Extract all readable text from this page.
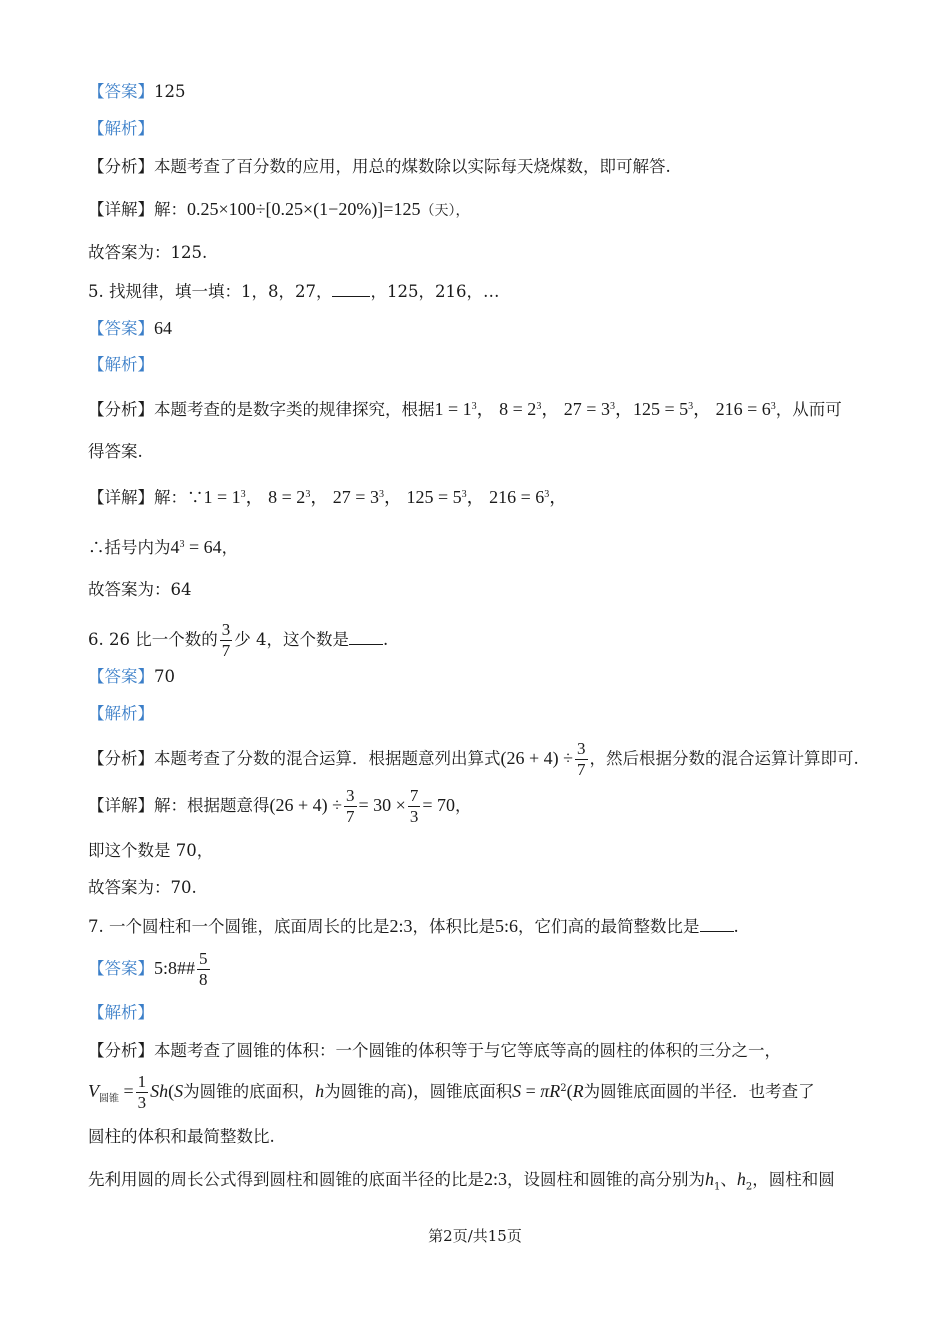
【答案】125
【解析】
【分析】本题考查了百分数的应用，用总的煤数除以实际每天烧煤数，即可解答.
【详解】解：0.25×100÷[0.25×(1−20%)]=125（天），
故答案为：125.
5. 找规律，填一填：1，8，27， ，125，216，…
【答案】64
【解析】
【分析】本题考查的是数字类的规律探究，根据$1 = 1^3$， $8 = 2^3$， $27 = 3^3$，$125 = 5^3$， $216 = 6^3$，从而可
得答案.
【详解】解：∵1 = $1^3$， $8 = 2^3$， $27 = 3^3$， $125 = 5^3$， $216 = 6^3$，
∴括号内为$4^3 = 64$，
故答案为：64
6. 26 比一个数的 $\frac{3}{7}$ 少 4，这个数是 .
【答案】70
【解析】
【分析】本题考查了分数的混合运算．根据题意列出算式$(26 + 4) \div \frac{3}{7}$ ，然后根据分数的混合运算计算即可.
【详解】解：根据题意得$(26 + 4) \div \frac{3}{7} = 30 \times \frac{7}{3} = 70$，
即这个数是 70，
故答案为：70.
7. 一个圆柱和一个圆锥，底面周长的比是2:3，体积比是5:6，它们高的最简整数比是 .
【答案】5:8## $\frac{5}{8}$
【解析】
【分析】本题考查了圆锥的体积：一个圆锥的体积等于与它等底等高的圆柱的体积的三分之一，
$V_{圆锥} = \frac{1}{3} Sh(S$为圆锥的底面积，h为圆锥的高)，圆锥底面积$S = \pi R^2(R$为圆锥底面圆的半径．也考查了
圆柱的体积和最简整数比.
先利用圆的周长公式得到圆柱和圆锥的底面半径的比是2:3，设圆柱和圆锥的高分别为$h_1$、$h_2$，圆柱和圆
第2页/共15页
